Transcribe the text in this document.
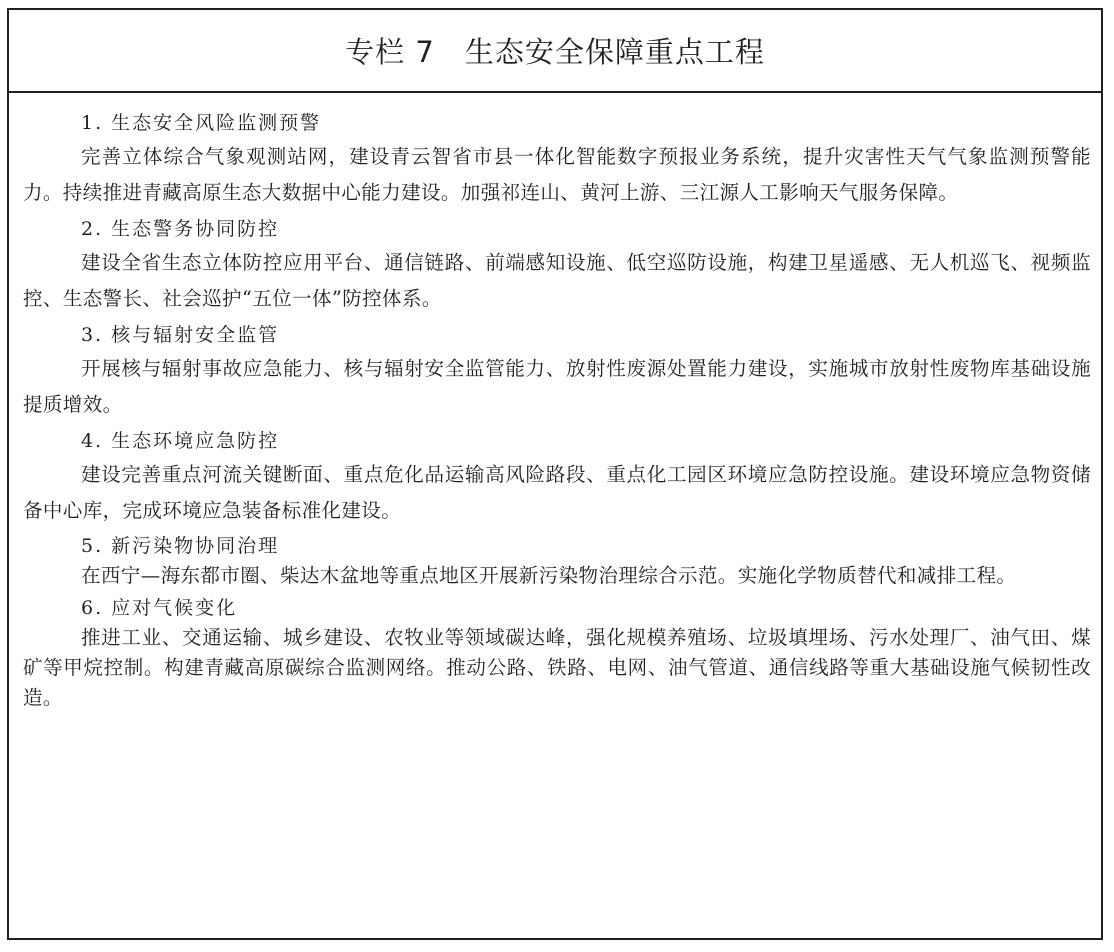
专栏 7　生态安全保障重点工程
1. 生态安全风险监测预警

完善立体综合气象观测站网，建设青云智省市县一体化智能数字预报业务系统，提升灾害性天气气象监测预警能力。持续推进青藏高原生态大数据中心能力建设。加强祁连山、黄河上游、三江源人工影响天气服务保障。

2. 生态警务协同防控

建设全省生态立体防控应用平台、通信链路、前端感知设施、低空巡防设施，构建卫星遥感、无人机巡飞、视频监控、生态警长、社会巡护“五位一体”防控体系。

3. 核与辐射安全监管

开展核与辐射事故应急能力、核与辐射安全监管能力、放射性废源处置能力建设，实施城市放射性废物库基础设施提质增效。

4. 生态环境应急防控

建设完善重点河流关键断面、重点危化品运输高风险路段、重点化工园区环境应急防控设施。建设环境应急物资储备中心库，完成环境应急装备标准化建设。

5. 新污染物协同治理

在西宁—海东都市圈、柴达木盆地等重点地区开展新污染物治理综合示范。实施化学物质替代和减排工程。

6. 应对气候变化

推进工业、交通运输、城乡建设、农牧业等领域碳达峰，强化规模养殖场、垃圾填埋场、污水处理厂、油气田、煤矿等甲烷控制。构建青藏高原碳综合监测网络。推动公路、铁路、电网、油气管道、通信线路等重大基础设施气候韧性改造。
